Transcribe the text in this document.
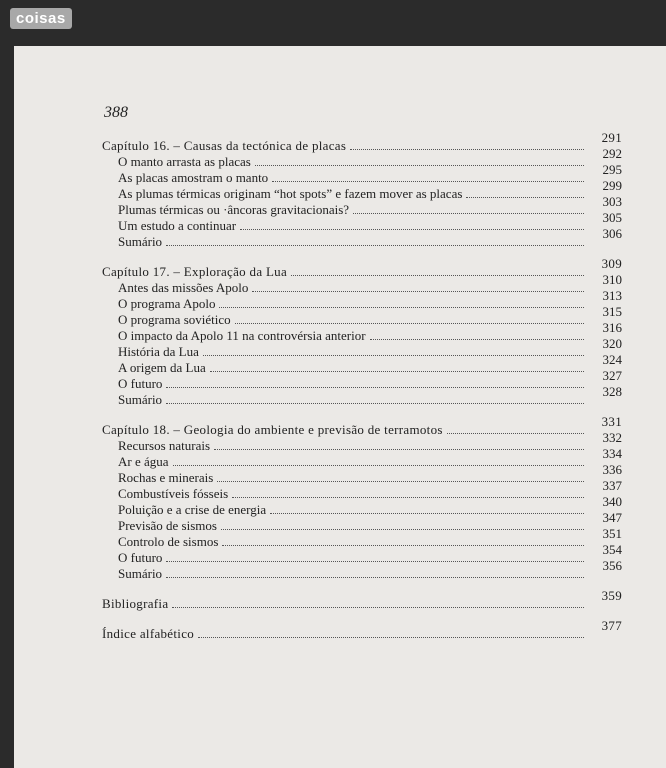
coisas
388
Capítulo 16. – Causas da tectónica de placas
291
O manto arrasta as placas
292
As placas amostram o manto
295
As plumas térmicas originam “hot spots” e fazem mover as placas
299
Plumas térmicas ou ·âncoras gravitacionais?
303
Um estudo a continuar
305
Sumário
306
Capítulo 17. – Exploração da Lua
309
Antes das missões Apolo
310
O programa Apolo
313
O programa soviético
315
O impacto da Apolo 11 na controvérsia anterior
316
História da Lua
320
A origem da Lua
324
O futuro
327
Sumário
328
Capítulo 18. – Geologia do ambiente e previsão de terramotos
331
Recursos naturais
332
Ar e água
334
Rochas e minerais
336
Combustíveis fósseis
337
Poluição e a crise de energia
340
Previsão de sismos
347
Controlo de sismos
351
O futuro
354
Sumário
356
Bibliografia
359
Índice alfabético
377
